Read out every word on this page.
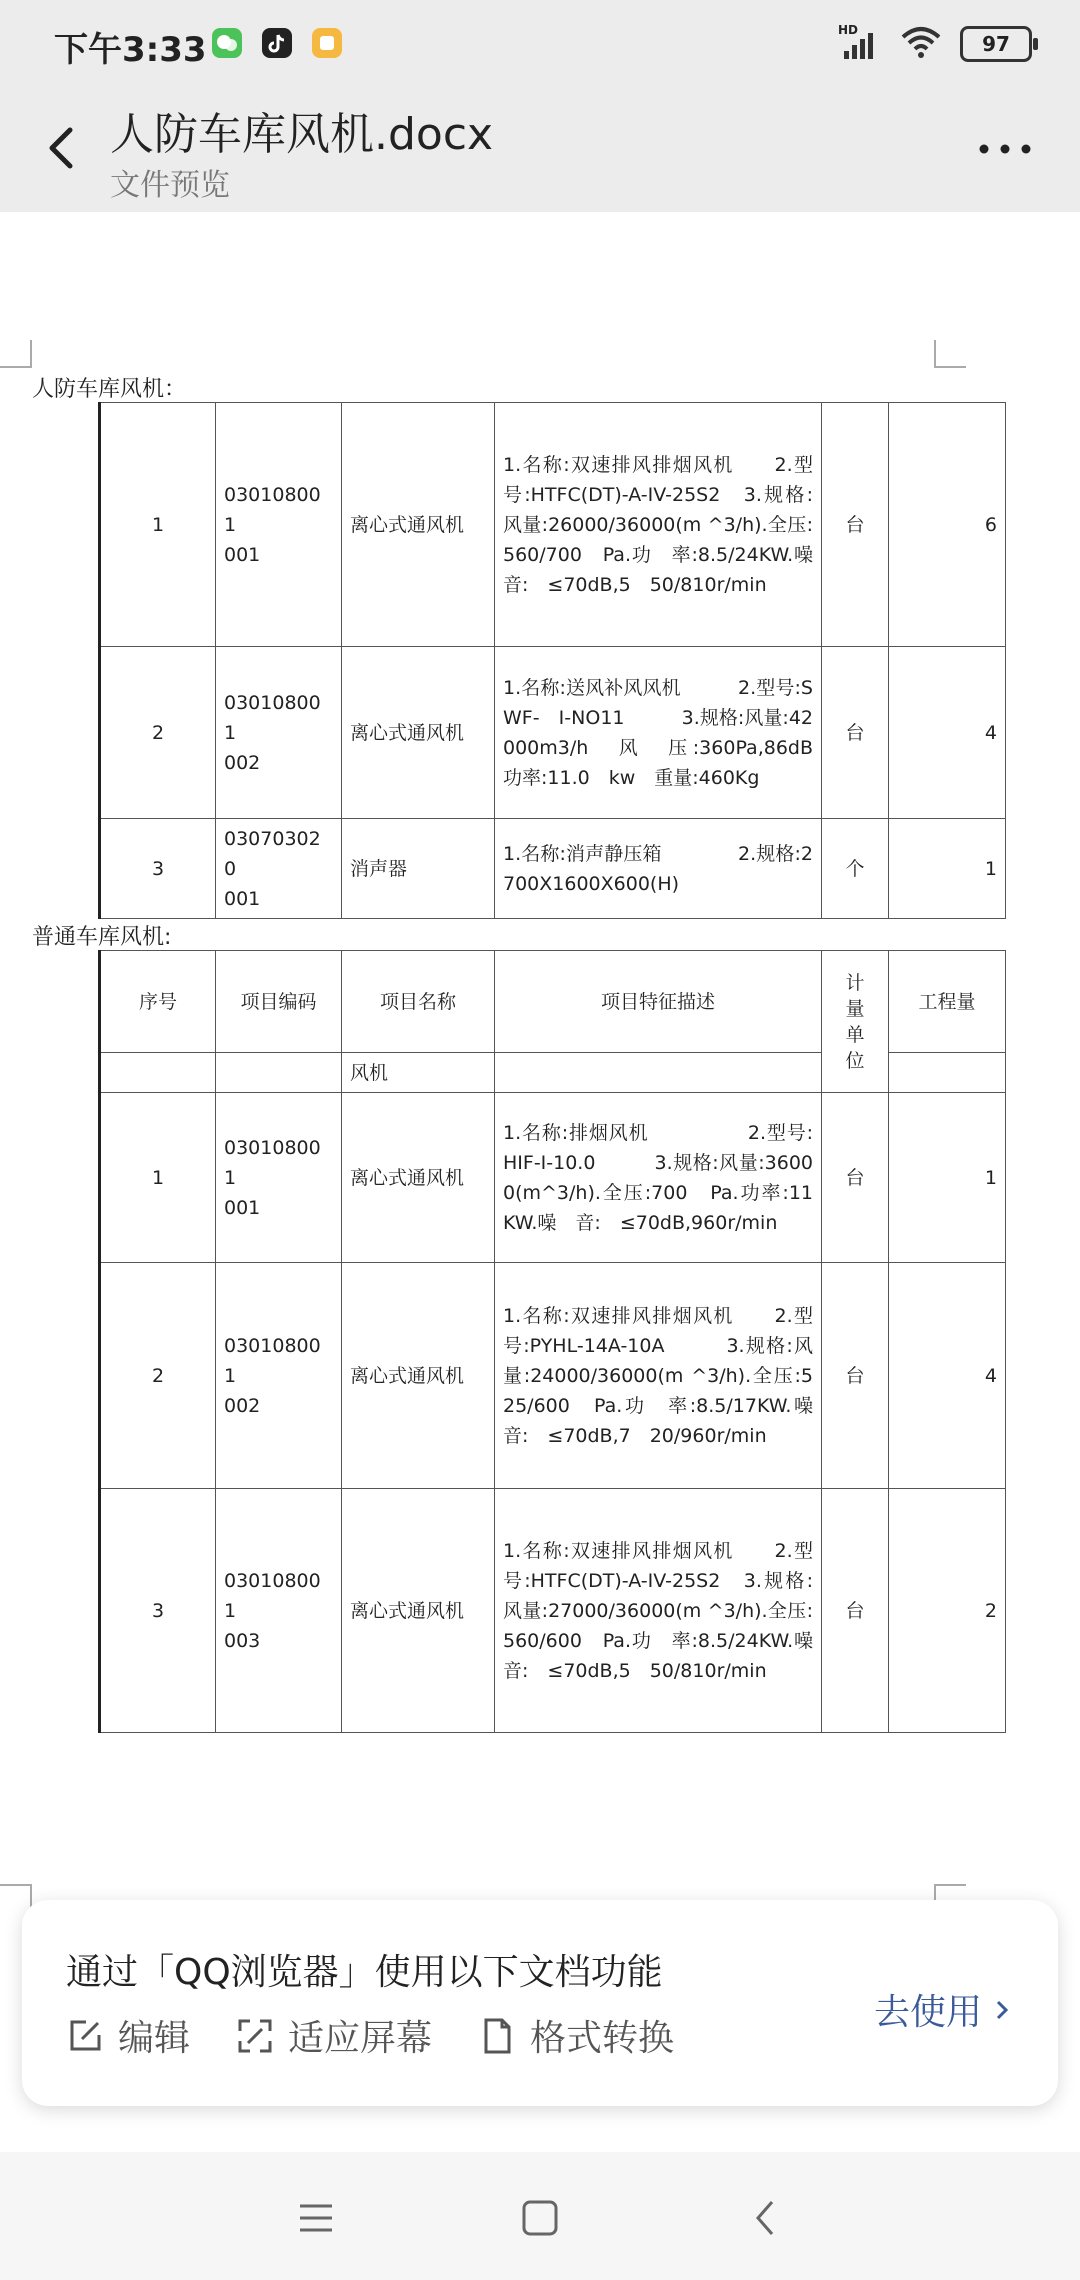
下午3:33	HD
97
人防车库风机.docx
文件预览
人防车库风机：
1	03010800
1
001	离心式通风机	1.名称:双速排风排烟风机　　2.型号:HTFC(DT)-A-IV-25S2　3.规格:风量:26000/36000(m ^3/h).全压:560/700　Pa.功　率:8.5/24KW.噪音:　≤70dB,5　50/810r/min	台	6
2	03010800
1
002	离心式通风机	1.名称:送风补风风机　　　2.型号:SWF-　Ⅰ-NO11　　　3.规格:风量:42000m3/h　风　压:360Pa,86dB　功率:11.0　kw　重量:460Kg	台	4
3	03070302
0
001	消声器	1.名称:消声静压箱　　　　2.规格:2700X1600X600(H)	个	1
普通车库风机:
序号	项目编码	项目名称	项目特征描述	计量单位	工程量
		风机			
1	03010800
1
001	离心式通风机	1.名称:排烟风机　　　　　2.型号:HIF-I-10.0　　　3.规格:风量:36000(m^3/h).全压:700　Pa.功率:11　KW.噪　音:　≤70dB,960r/min	台	1
2	03010800
1
002	离心式通风机	1.名称:双速排风排烟风机　　2.型号:PYHL-14A-10A　　　3.规格:风量:24000/36000(m ^3/h).全压:525/600　Pa.功　率:8.5/17KW.噪音:　≤70dB,7　20/960r/min	台	4
3	03010800
1
003	离心式通风机	1.名称:双速排风排烟风机　　2.型号:HTFC(DT)-A-IV-25S2　3.规格:风量:27000/36000(m ^3/h).全压:560/600　Pa.功　率:8.5/24KW.噪音:　≤70dB,5　50/810r/min	台	2
通过「QQ浏览器」使用以下文档功能
编辑	适应屏幕	格式转换
去使用
